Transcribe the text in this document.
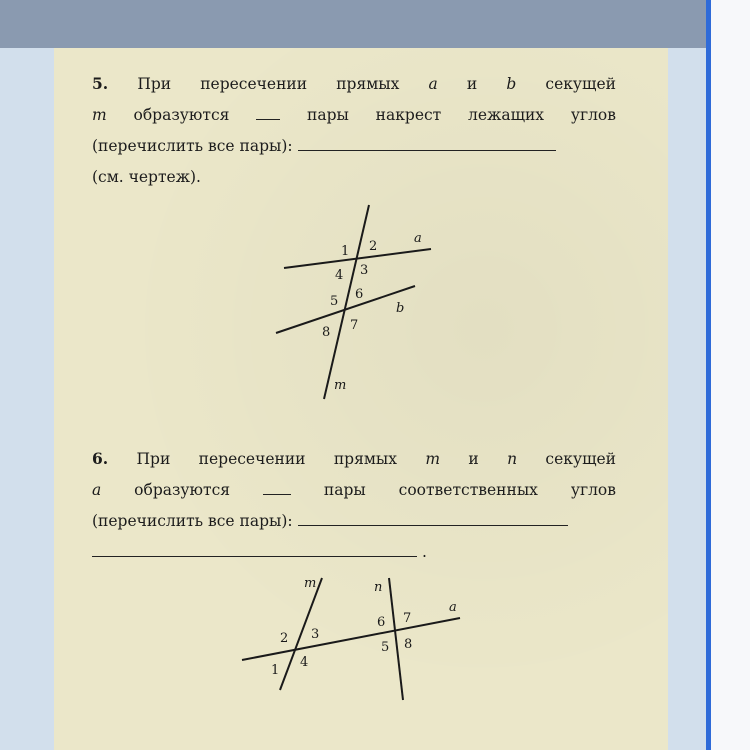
5. При пересечении прямых a и b секущей
m образуются	пары накрест лежащих углов
(перечислить все пары):
(см. чертеж).
1 2
3
4
5 6
7
8
a
b
m
6. При пересечении прямых m и n секущей
a образуются	пары соответственных углов
(перечислить все пары):
.
1
2 3
4
5
6 7
8
m	n
a
